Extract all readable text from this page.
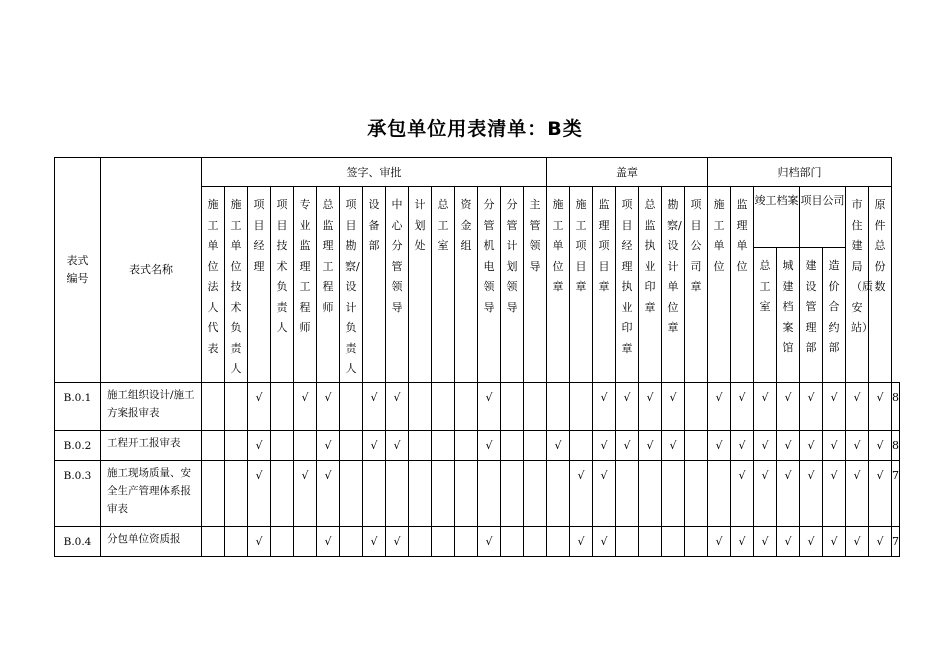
承包单位用表清单：B类
表式编号	表式名称	签字、审批															盖章							归档部门								

		施工单位法人代表	施工单位技术负责人	项目经理	项目技术负责人	专业监理工程师	总监理工程师	项目勘察/设计负责人	设备部	中心分管领导	计划处	总工室	资金组	分管机电领导	分管计划领导	主管领导	施工单位章	施工项目章	监理项目章	项目经理执业印章	总监执业印章	勘察/设计单位章	项目公司章	施工单位	监理单位	竣工档案		项目公司		市住建局（质安站）	原件总份数	

																										总工室	城建档案馆	建设管理部	造价合约部			

B.0.1	施工组织设计/施工方案报审表			√		√	√		√	√				√					√	√	√	√		√	√	√	√	√	√	√	√	8
B.0.2	工程开工报审表			√			√		√	√				√			√		√	√	√	√		√	√	√	√	√	√	√	√	8
B.0.3	施工现场质量、安全生产管理体系报审表			√		√	√											√	√						√	√	√	√	√	√	√	7
B.0.4	分包单位资质报			√			√		√	√				√				√	√					√	√	√	√	√	√	√	√	7
